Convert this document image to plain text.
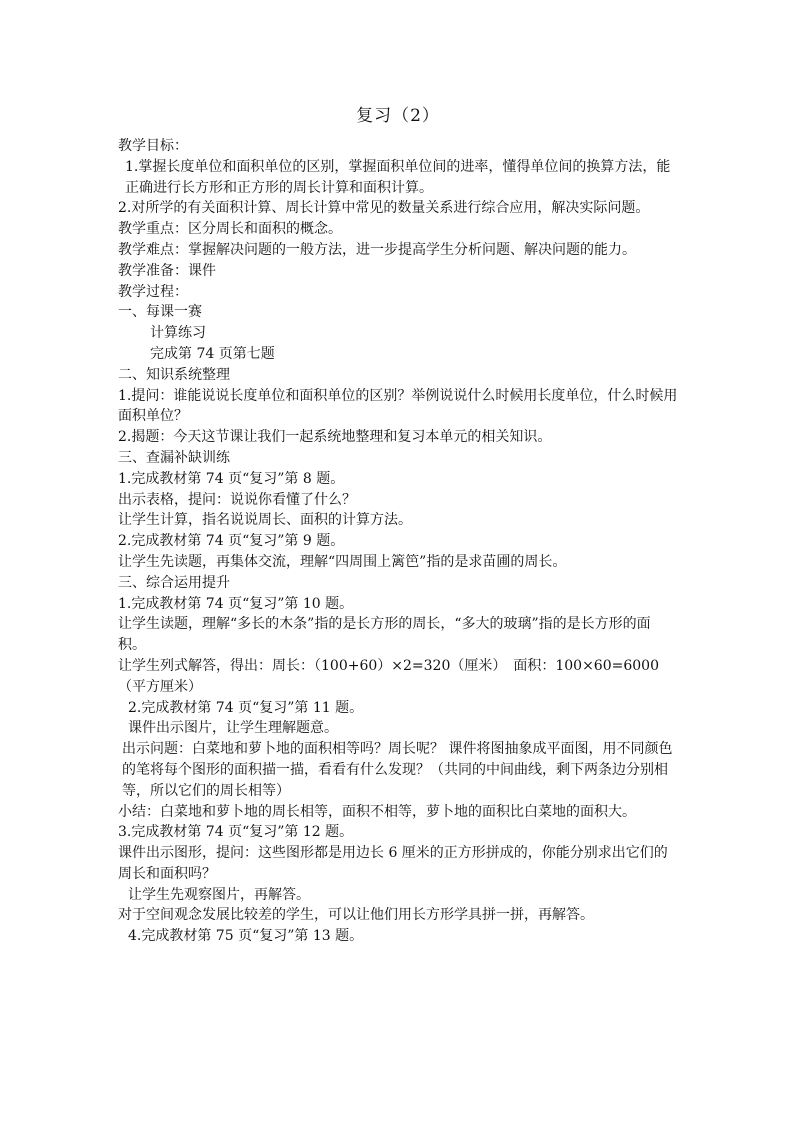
复习（2）

教学目标：

1.掌握长度单位和面积单位的区别，掌握面积单位间的进率，懂得单位间的换算方法，能正确进行长方形和正方形的周长计算和面积计算。

2.对所学的有关面积计算、周长计算中常见的数量关系进行综合应用，解决实际问题。

教学重点：区分周长和面积的概念。

教学难点：掌握解决问题的一般方法，进一步提高学生分析问题、解决问题的能力。

教学准备：课件

教学过程：

一、每课一赛

计算练习

完成第 74 页第七题

二、知识系统整理

1.提问：谁能说说长度单位和面积单位的区别？举例说说什么时候用长度单位，什么时候用面积单位？

2.揭题：今天这节课让我们一起系统地整理和复习本单元的相关知识。

三、查漏补缺训练

1.完成教材第 74 页“复习”第 8 题。

出示表格，提问：说说你看懂了什么？

让学生计算，指名说说周长、面积的计算方法。

2.完成教材第 74 页“复习”第 9 题。

让学生先读题，再集体交流，理解“四周围上篱笆”指的是求苗圃的周长。

三、综合运用提升

1.完成教材第 74 页“复习”第 10 题。

让学生读题，理解“多长的木条”指的是长方形的周长，“多大的玻璃”指的是长方形的面积。

让学生列式解答，得出：周长：（100+60）×2=320（厘米）　面积：100×60=6000（平方厘米）

2.完成教材第 74 页“复习”第 11 题。

课件出示图片，让学生理解题意。

出示问题：白菜地和萝卜地的面积相等吗？周长呢？ 课件将图抽象成平面图，用不同颜色的笔将每个图形的面积描一描，看看有什么发现？（共同的中间曲线，剩下两条边分别相等，所以它们的周长相等）

小结：白菜地和萝卜地的周长相等，面积不相等，萝卜地的面积比白菜地的面积大。

3.完成教材第 74 页“复习”第 12 题。

课件出示图形，提问：这些图形都是用边长 6 厘米的正方形拼成的，你能分别求出它们的周长和面积吗？

让学生先观察图片，再解答。

对于空间观念发展比较差的学生，可以让他们用长方形学具拼一拼，再解答。

4.完成教材第 75 页“复习”第 13 题。
